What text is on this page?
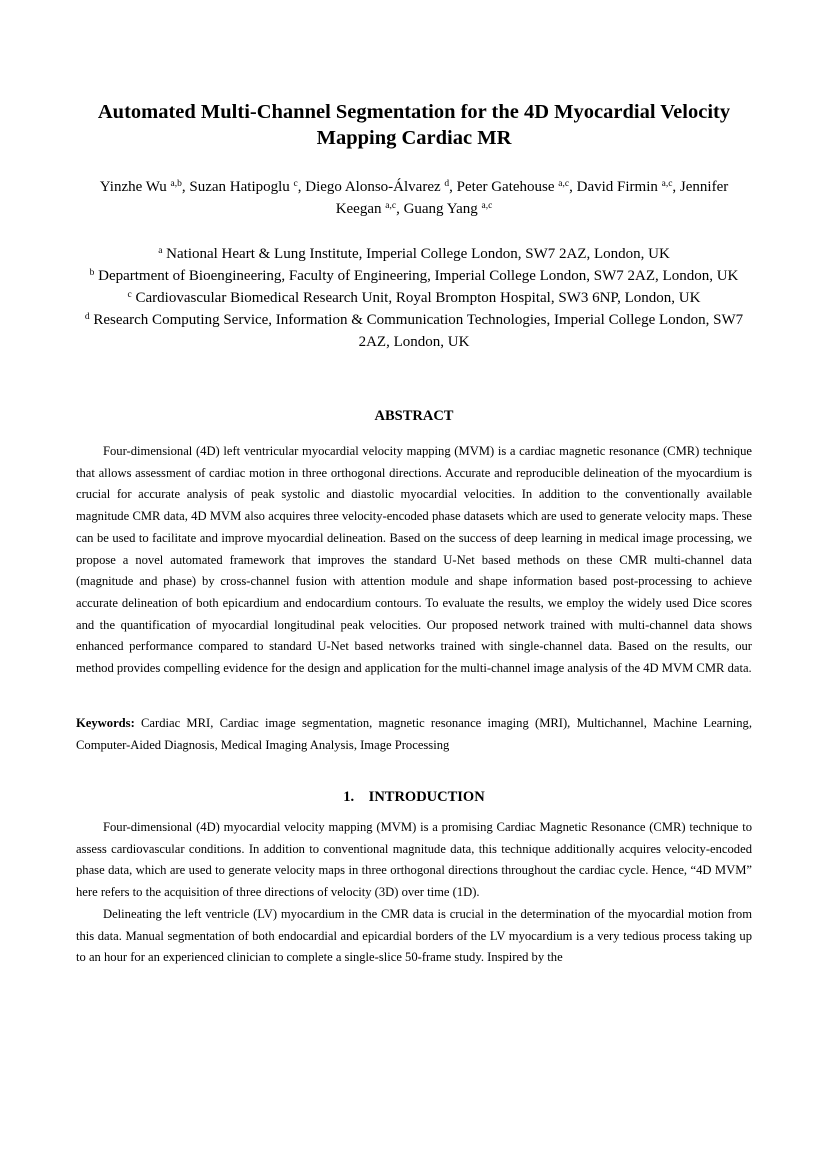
Automated Multi-Channel Segmentation for the 4D Myocardial Velocity Mapping Cardiac MR
Yinzhe Wu $^{a,b}$, Suzan Hatipoglu $^c$, Diego Alonso-Álvarez $^d$, Peter Gatehouse $^{a,c}$, David Firmin $^{a,c}$, Jennifer Keegan $^{a,c}$, Guang Yang $^{a,c}$
$^a$ National Heart & Lung Institute, Imperial College London, SW7 2AZ, London, UK
$^b$ Department of Bioengineering, Faculty of Engineering, Imperial College London, SW7 2AZ, London, UK
$^c$ Cardiovascular Biomedical Research Unit, Royal Brompton Hospital, SW3 6NP, London, UK
$^d$ Research Computing Service, Information & Communication Technologies, Imperial College London, SW7 2AZ, London, UK
ABSTRACT

Four-dimensional (4D) left ventricular myocardial velocity mapping (MVM) is a cardiac magnetic resonance (CMR) technique that allows assessment of cardiac motion in three orthogonal directions. Accurate and reproducible delineation of the myocardium is crucial for accurate analysis of peak systolic and diastolic myocardial velocities. In addition to the conventionally available magnitude CMR data, 4D MVM also acquires three velocity-encoded phase datasets which are used to generate velocity maps. These can be used to facilitate and improve myocardial delineation. Based on the success of deep learning in medical image processing, we propose a novel automated framework that improves the standard U-Net based methods on these CMR multi-channel data (magnitude and phase) by cross-channel fusion with attention module and shape information based post-processing to achieve accurate delineation of both epicardium and endocardium contours. To evaluate the results, we employ the widely used Dice scores and the quantification of myocardial longitudinal peak velocities. Our proposed network trained with multi-channel data shows enhanced performance compared to standard U-Net based networks trained with single-channel data. Based on the results, our method provides compelling evidence for the design and application for the multi-channel image analysis of the 4D MVM CMR data.

Keywords: Cardiac MRI, Cardiac image segmentation, magnetic resonance imaging (MRI), Multichannel, Machine Learning, Computer-Aided Diagnosis, Medical Imaging Analysis, Image Processing

1. INTRODUCTION

Four-dimensional (4D) myocardial velocity mapping (MVM) is a promising Cardiac Magnetic Resonance (CMR) technique to assess cardiovascular conditions. In addition to conventional magnitude data, this technique additionally acquires velocity-encoded phase data, which are used to generate velocity maps in three orthogonal directions throughout the cardiac cycle. Hence, “4D MVM” here refers to the acquisition of three directions of velocity (3D) over time (1D).

Delineating the left ventricle (LV) myocardium in the CMR data is crucial in the determination of the myocardial motion from this data. Manual segmentation of both endocardial and epicardial borders of the LV myocardium is a very tedious process taking up to an hour for an experienced clinician to complete a single-slice 50-frame study. Inspired by the
